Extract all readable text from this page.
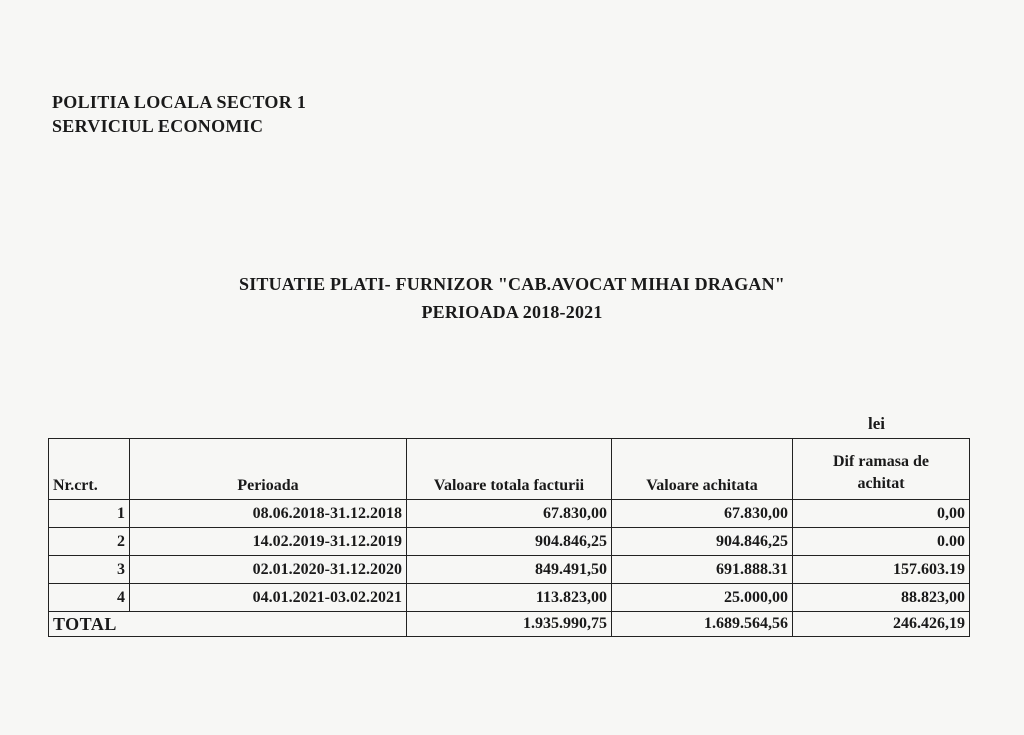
POLITIA LOCALA SECTOR 1
SERVICIUL ECONOMIC
SITUATIE PLATI- FURNIZOR "CAB.AVOCAT MIHAI DRAGAN"
PERIOADA 2018-2021
lei
Nr.crt.	Perioada	Valoare totala facturii	Valoare achitata	Dif ramasa de
achitat
1	08.06.2018-31.12.2018	67.830,00	67.830,00	0,00
2	14.02.2019-31.12.2019	904.846,25	904.846,25	0.00
3	02.01.2020-31.12.2020	849.491,50	691.888.31	157.603.19
4	04.01.2021-03.02.2021	113.823,00	25.000,00	88.823,00
TOTAL		1.935.990,75	1.689.564,56	246.426,19
